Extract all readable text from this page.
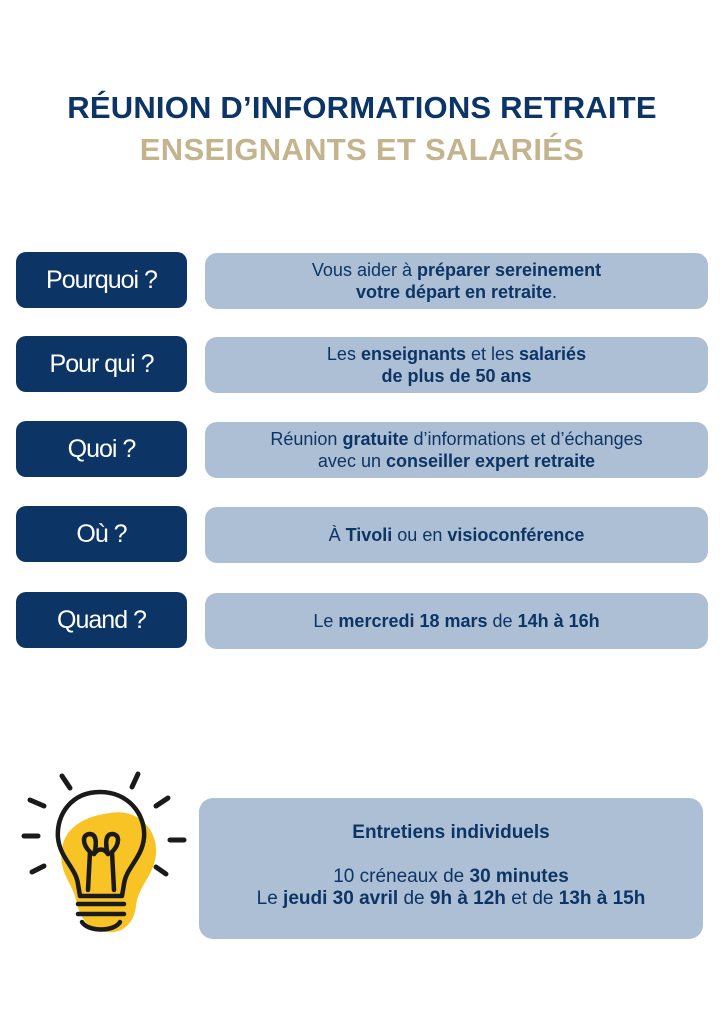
RÉUNION D’INFORMATIONS RETRAITE
ENSEIGNANTS ET SALARIÉS
Pourquoi ?	Vous aider à préparer sereinement
votre départ en retraite.
Pour qui ?	Les enseignants et les salariés
de plus de 50 ans
Quoi ?	Réunion gratuite d’informations et d’échanges
avec un conseiller expert retraite
Où ?	À Tivoli ou en visioconférence
Quand ?	Le mercredi 18 mars de 14h à 16h
Entretiens individuels
10 créneaux de 30 minutes
Le jeudi 30 avril de 9h à 12h et de 13h à 15h
